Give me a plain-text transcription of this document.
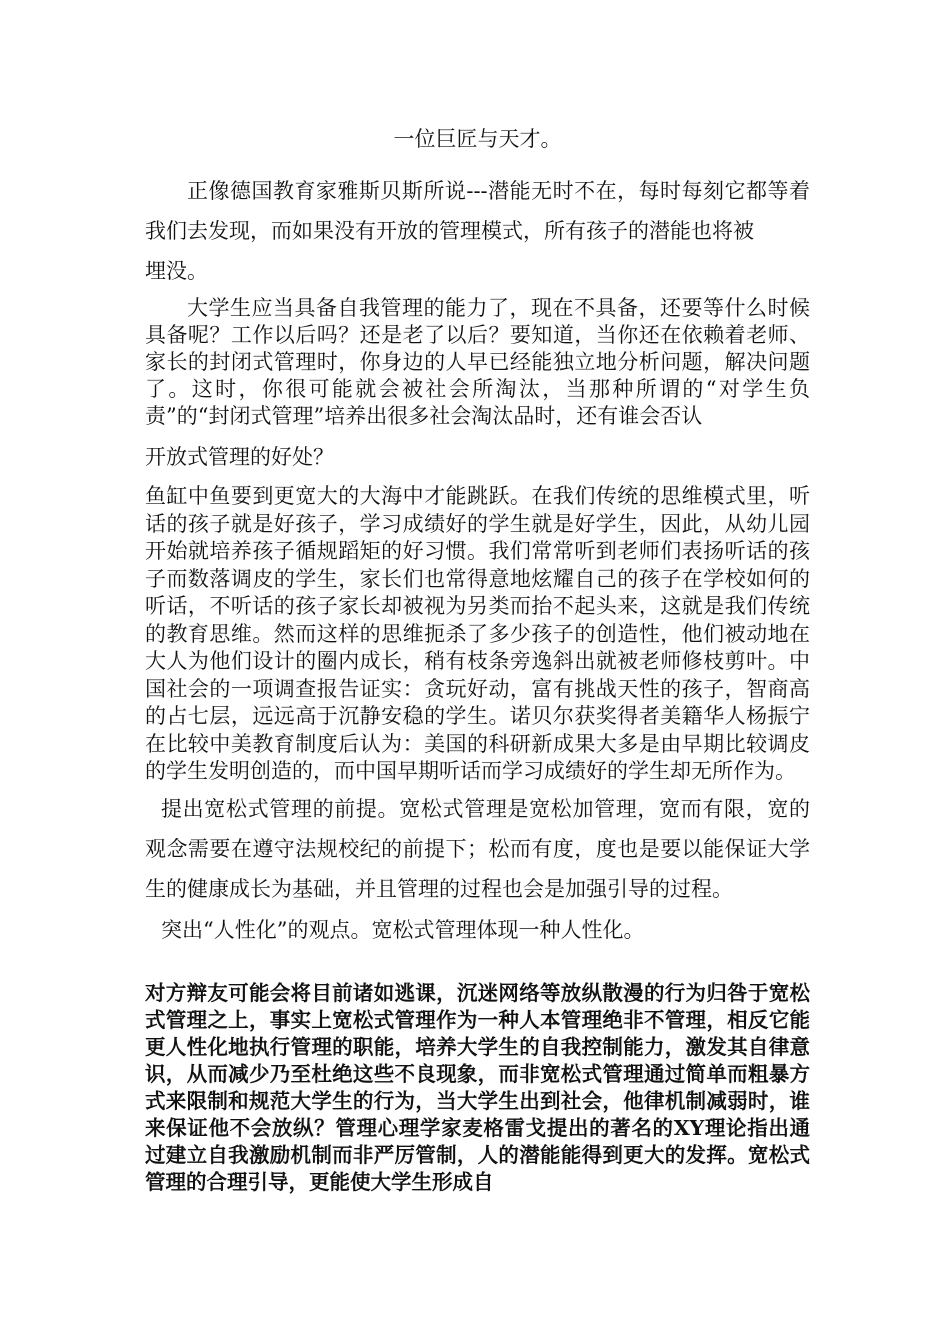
一位巨匠与天才。

正像德国教育家雅斯贝斯所说---潜能无时不在，每时每刻它都等着我们去发现，而如果没有开放的管理模式，所有孩子的潜能也将被
埋没。

大学生应当具备自我管理的能力了，现在不具备，还要等什么时候具备呢？工作以后吗？还是老了以后？要知道，当你还在依赖着老师、家长的封闭式管理时，你身边的人早已经能独立地分析问题，解决问题了。这时，你很可能就会被社会所淘汰，当那种所谓的“对学生负责”的“封闭式管理”培养出很多社会淘汰品时，还有谁会否认
开放式管理的好处？

鱼缸中鱼要到更宽大的大海中才能跳跃。在我们传统的思维模式里，听话的孩子就是好孩子，学习成绩好的学生就是好学生，因此，从幼儿园开始就培养孩子循规蹈矩的好习惯。我们常常听到老师们表扬听话的孩子而数落调皮的学生，家长们也常得意地炫耀自己的孩子在学校如何的听话，不听话的孩子家长却被视为另类而抬不起头来，这就是我们传统的教育思维。然而这样的思维扼杀了多少孩子的创造性，他们被动地在大人为他们设计的圈内成长，稍有枝条旁逸斜出就被老师修枝剪叶。中国社会的一项调查报告证实：贪玩好动，富有挑战天性的孩子，智商高的占七层，远远高于沉静安稳的学生。诺贝尔获奖得者美籍华人杨振宁在比较中美教育制度后认为：美国的科研新成果大多是由早期比较调皮的学生发明创造的，而中国早期听话而学习成绩好的学生却无所作为。

提出宽松式管理的前提。宽松式管理是宽松加管理，宽而有限，宽的观念需要在遵守法规校纪的前提下；松而有度，度也是要以能保证大学生的健康成长为基础，并且管理的过程也会是加强引导的过程。

突出“人性化”的观点。宽松式管理体现一种人性化。

对方辩友可能会将目前诸如逃课，沉迷网络等放纵散漫的行为归咎于宽松式管理之上，事实上宽松式管理作为一种人本管理绝非不管理，相反它能更人性化地执行管理的职能，培养大学生的自我控制能力，激发其自律意识，从而减少乃至杜绝这些不良现象，而非宽松式管理通过简单而粗暴方式来限制和规范大学生的行为，当大学生出到社会，他律机制减弱时，谁来保证他不会放纵？管理心理学家麦格雷戈提出的著名的XY理论指出通过建立自我激励机制而非严厉管制，人的潜能能得到更大的发挥。宽松式管理的合理引导，更能使大学生形成自
